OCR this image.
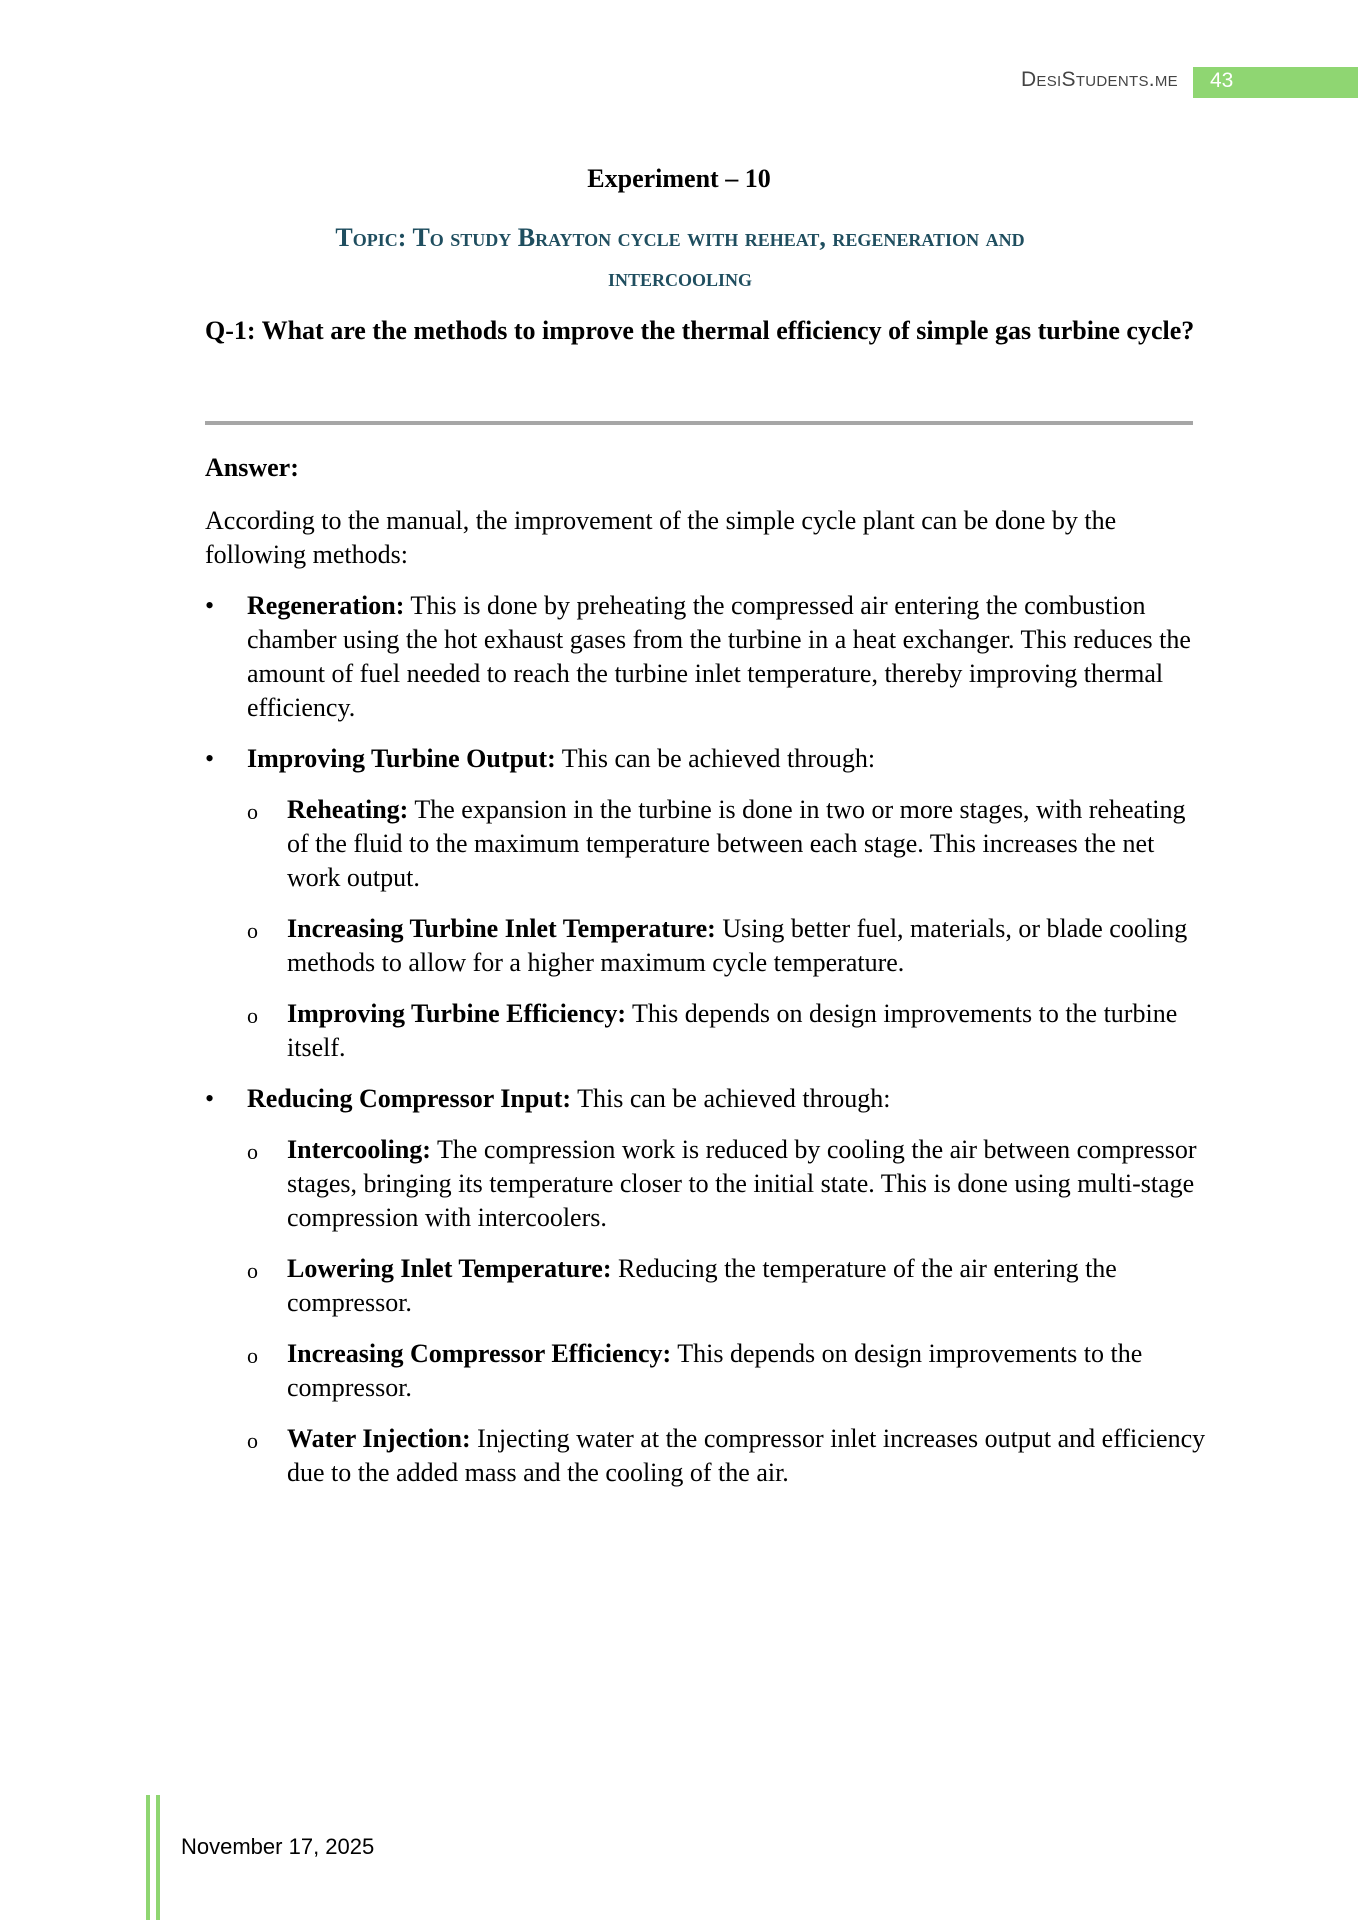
DesiStudents.me 43
Experiment – 10
Topic: To study Brayton cycle with reheat, regeneration and
intercooling
Q-1: What are the methods to improve the thermal efficiency of simple gas turbine cycle?
Answer:

According to the manual, the improvement of the simple cycle plant can be done by the following methods:

• Regeneration: This is done by preheating the compressed air entering the combustion chamber using the hot exhaust gases from the turbine in a heat exchanger. This reduces the amount of fuel needed to reach the turbine inlet temperature, thereby improving thermal efficiency.
• Improving Turbine Output: This can be achieved through:
o Reheating: The expansion in the turbine is done in two or more stages, with reheating of the fluid to the maximum temperature between each stage. This increases the net work output.
o Increasing Turbine Inlet Temperature: Using better fuel, materials, or blade cooling methods to allow for a higher maximum cycle temperature.
o Improving Turbine Efficiency: This depends on design improvements to the turbine itself.
• Reducing Compressor Input: This can be achieved through:
o Intercooling: The compression work is reduced by cooling the air between compressor stages, bringing its temperature closer to the initial state. This is done using multi-stage compression with intercoolers.
o Lowering Inlet Temperature: Reducing the temperature of the air entering the compressor.
o Increasing Compressor Efficiency: This depends on design improvements to the compressor.
o Water Injection: Injecting water at the compressor inlet increases output and efficiency due to the added mass and the cooling of the air.
November 17, 2025
